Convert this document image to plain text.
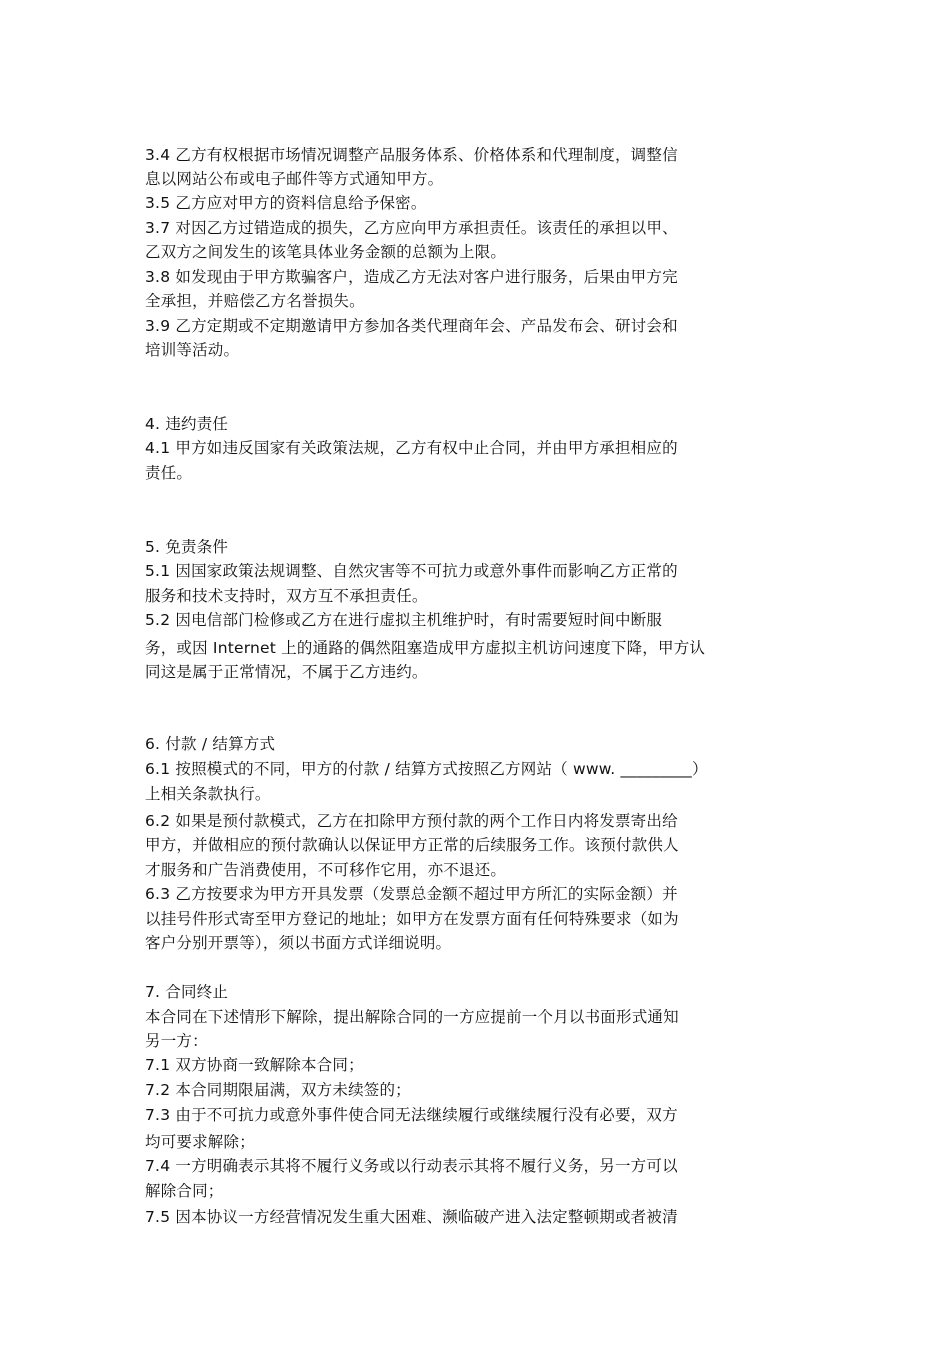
3.4 乙方有权根据市场情况调整产品服务体系、价格体系和代理制度，调整信
息以网站公布或电子邮件等方式通知甲方。
3.5 乙方应对甲方的资料信息给予保密。
3.7 对因乙方过错造成的损失，乙方应向甲方承担责任。该责任的承担以甲、
乙双方之间发生的该笔具体业务金额的总额为上限。
3.8 如发现由于甲方欺骗客户，造成乙方无法对客户进行服务，后果由甲方完
全承担，并赔偿乙方名誉损失。
3.9 乙方定期或不定期邀请甲方参加各类代理商年会、产品发布会、研讨会和
培训等活动。
4. 违约责任
4.1 甲方如违反国家有关政策法规，乙方有权中止合同，并由甲方承担相应的
责任。
5. 免责条件
5.1 因国家政策法规调整、自然灾害等不可抗力或意外事件而影响乙方正常的
服务和技术支持时，双方互不承担责任。
5.2 因电信部门检修或乙方在进行虚拟主机维护时，有时需要短时间中断服
务，或因 Internet 上的通路的偶然阻塞造成甲方虚拟主机访问速度下降，甲方认
同这是属于正常情况，不属于乙方违约。
6. 付款 / 结算方式
6.1 按照模式的不同，甲方的付款 / 结算方式按照乙方网站（ www. _________）
上相关条款执行。
6.2 如果是预付款模式，乙方在扣除甲方预付款的两个工作日内将发票寄出给
甲方，并做相应的预付款确认以保证甲方正常的后续服务工作。该预付款供人
才服务和广告消费使用，不可移作它用，亦不退还。
6.3 乙方按要求为甲方开具发票（发票总金额不超过甲方所汇的实际金额）并
以挂号件形式寄至甲方登记的地址；如甲方在发票方面有任何特殊要求（如为
客户分别开票等），须以书面方式详细说明。
7. 合同终止
本合同在下述情形下解除，提出解除合同的一方应提前一个月以书面形式通知
另一方：
7.1 双方协商一致解除本合同；
7.2 本合同期限届满，双方未续签的；
7.3 由于不可抗力或意外事件使合同无法继续履行或继续履行没有必要，双方
均可要求解除；
7.4 一方明确表示其将不履行义务或以行动表示其将不履行义务，另一方可以
解除合同；
7.5 因本协议一方经营情况发生重大困难、濒临破产进入法定整顿期或者被清
